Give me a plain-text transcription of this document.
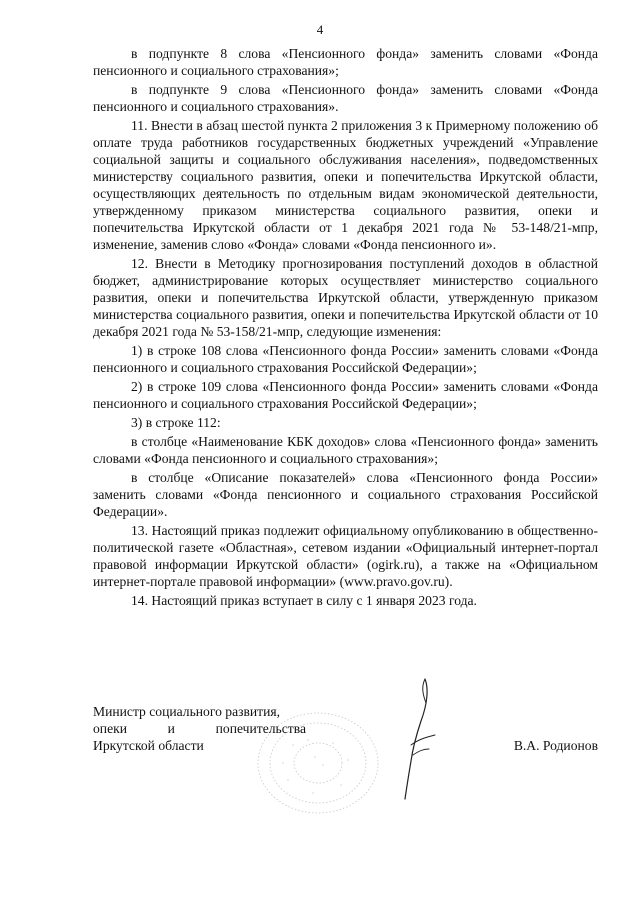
4

в подпункте 8 слова «Пенсионного фонда» заменить словами «Фонда пенсионного и социального страхования»;

в подпункте 9 слова «Пенсионного фонда» заменить словами «Фонда пенсионного и социального страхования».

11. Внести в абзац шестой пункта 2 приложения 3 к Примерному положению об оплате труда работников государственных бюджетных учреждений «Управление социальной защиты и социального обслуживания населения», подведомственных министерству социального развития, опеки и попечительства Иркутской области, осуществляющих деятельность по отдельным видам экономической деятельности, утвержденному приказом министерства социального развития, опеки и попечительства Иркутской области от 1 декабря 2021 года № 53-148/21-мпр, изменение, заменив слово «Фонда» словами «Фонда пенсионного и».

12. Внести в Методику прогнозирования поступлений доходов в областной бюджет, администрирование которых осуществляет министерство социального развития, опеки и попечительства Иркутской области, утвержденную приказом министерства социального развития, опеки и попечительства Иркутской области от 10 декабря 2021 года № 53-158/21-мпр, следующие изменения:

1) в строке 108 слова «Пенсионного фонда России» заменить словами «Фонда пенсионного и социального страхования Российской Федерации»;

2) в строке 109 слова «Пенсионного фонда России» заменить словами «Фонда пенсионного и социального страхования Российской Федерации»;

3) в строке 112:

в столбце «Наименование КБК доходов» слова «Пенсионного фонда» заменить словами «Фонда пенсионного и социального страхования»;

в столбце «Описание показателей» слова «Пенсионного фонда России» заменить словами «Фонда пенсионного и социального страхования Российской Федерации».

13. Настоящий приказ подлежит официальному опубликованию в общественно-политической газете «Областная», сетевом издании «Официальный интернет-портал правовой информации Иркутской области» (ogirk.ru), а также на «Официальном интернет-портале правовой информации» (www.pravo.gov.ru).

14. Настоящий приказ вступает в силу с 1 января 2023 года.

Министр социального развития,
опеки	и	попечительства
Иркутской области	В.А. Родионов
